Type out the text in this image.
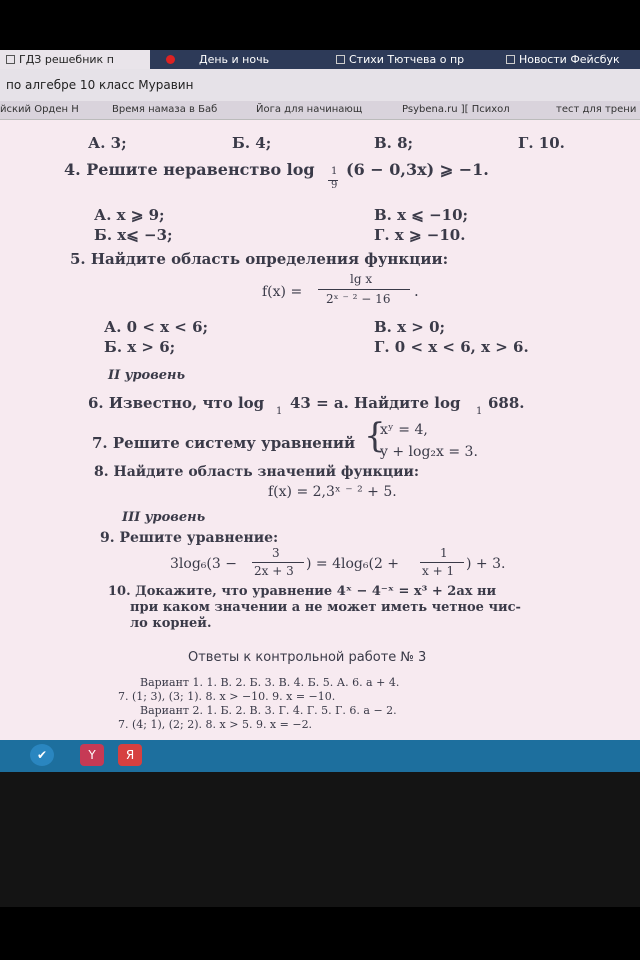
ГДЗ решебник п	День и ночь	Стихи Тютчева о пр	Новости Фейсбук
по алгебре 10 класс Муравин
йский Орден Н	Время намаза в Баб	Йога для начинающ	Psybena.ru ][ Психол	тест для трени
А. 3;	Б. 4;	В. 8;	Г. 10.
4. Решите неравенство log 1
9
(6 − 0,3x) ⩾ −1.
А. x ⩾ 9;
Б. x⩽ −3;
В. x ⩽ −10;
Г. x ⩾ −10.
5. Найдите область определения функции:
f(x) =
lg x
2ˣ ⁻ ² − 16 .
А. 0 < x < 6;
Б. x > 6;
В. x > 0;
Г. 0 < x < 6, x > 6.
II уровень
6. Известно, что log 1 43 = a. Найдите log 1 688.
7. Решите систему уравнений {
xʸ = 4,
y + log₂x = 3.
8. Найдите область значений функции:
f(x) = 2,3ˣ ⁻ ² + 5.
III уровень
9. Решите уравнение:
3log₆(3 −
3
2x + 3 ) = 4log₆(2 +
1
x + 1 ) + 3.
10. Докажите, что уравнение 4ˣ − 4⁻ˣ = x³ + 2ax ни
при каком значении a не может иметь четное чис-
ло корней.
Ответы к контрольной работе № 3
Вариант 1. 1. В. 2. Б. 3. В. 4. Б. 5. А. 6. a + 4.
7. (1; 3), (3; 1). 8. x > −10. 9. x = −10.
Вариант 2. 1. Б. 2. В. 3. Г. 4. Г. 5. Г. 6. a − 2.
7. (4; 1), (2; 2). 8. x > 5. 9. x = −2.
✔	Y	Я
